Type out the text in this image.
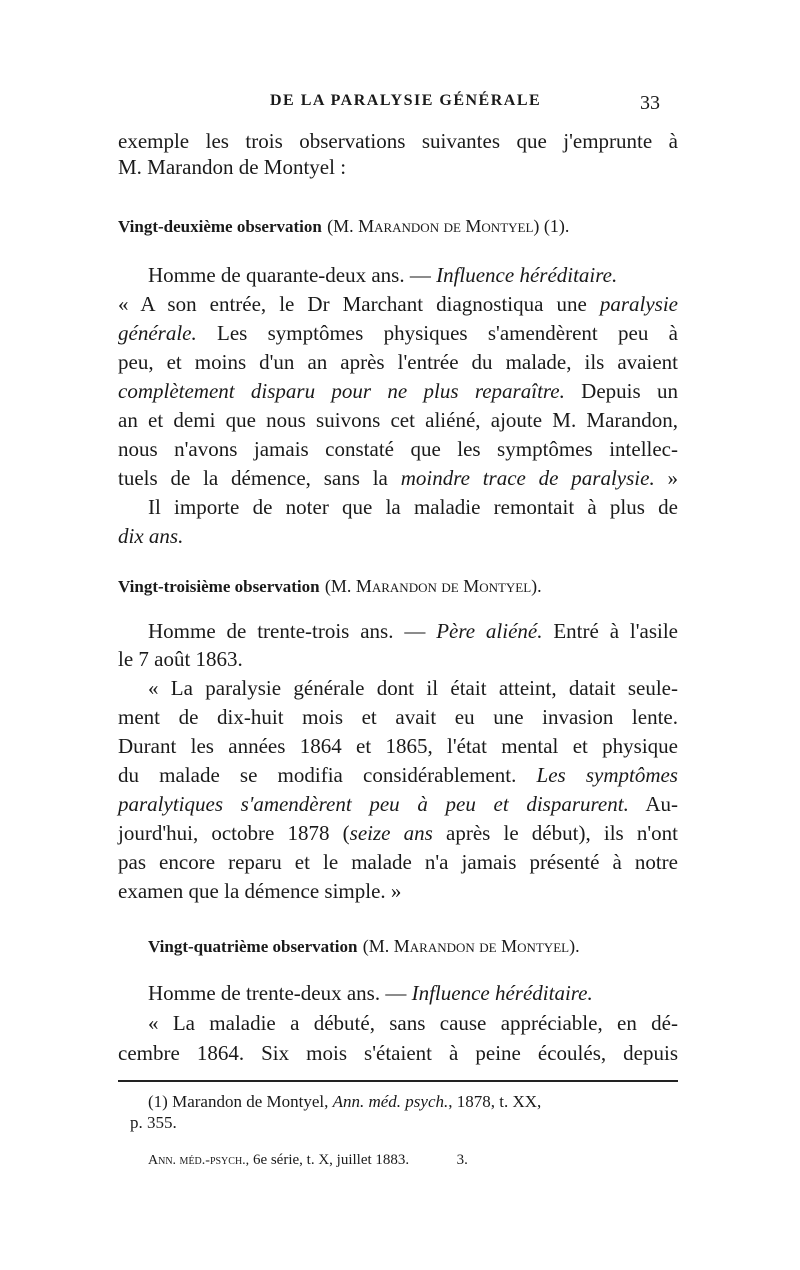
DE LA PARALYSIE GÉNÉRALE	33
exemple les trois observations suivantes que j'emprunte à
M. Marandon de Montyel :
Vingt-deuxième observation (M. Marandon de Montyel) (1).
Homme de quarante-deux ans. — Influence héréditaire.
« A son entrée, le Dr Marchant diagnostiqua une paralysie
générale. Les symptômes physiques s'amendèrent peu à
peu, et moins d'un an après l'entrée du malade, ils avaient
complètement disparu pour ne plus reparaître. Depuis un
an et demi que nous suivons cet aliéné, ajoute M. Marandon,
nous n'avons jamais constaté que les symptômes intellec-
tuels de la démence, sans la moindre trace de paralysie. »
Il importe de noter que la maladie remontait à plus de
dix ans.
Vingt-troisième observation (M. Marandon de Montyel).
Homme de trente-trois ans. — Père aliéné. Entré à l'asile
le 7 août 1863.
« La paralysie générale dont il était atteint, datait seule-
ment de dix-huit mois et avait eu une invasion lente.
Durant les années 1864 et 1865, l'état mental et physique
du malade se modifia considérablement. Les symptômes
paralytiques s'amendèrent peu à peu et disparurent. Au-
jourd'hui, octobre 1878 (seize ans après le début), ils n'ont
pas encore reparu et le malade n'a jamais présenté à notre
examen que la démence simple. »
Vingt-quatrième observation (M. Marandon de Montyel).
Homme de trente-deux ans. — Influence héréditaire.
« La maladie a débuté, sans cause appréciable, en dé-
cembre 1864. Six mois s'étaient à peine écoulés, depuis
(1) Marandon de Montyel, Ann. méd. psych., 1878, t. XX,
p. 355.
Ann. méd.-psych., 6e série, t. X, juillet 1883.	3.
